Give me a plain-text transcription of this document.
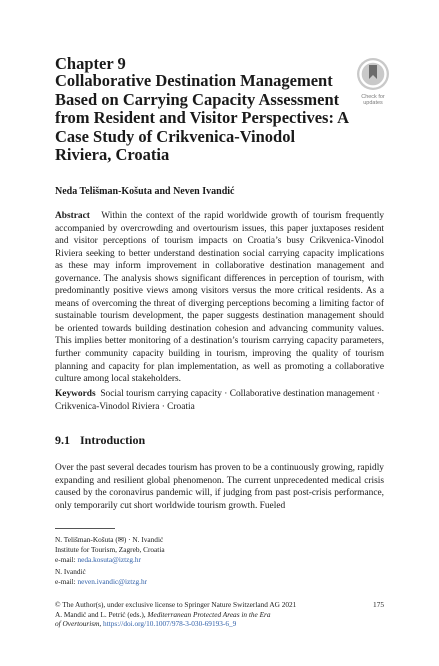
Chapter 9
Collaborative Destination Management Based on Carrying Capacity Assessment from Resident and Visitor Perspectives: A Case Study of Crikvenica-Vinodol Riviera, Croatia
Check for
updates
Neda Telišman-Košuta and Neven Ivandić
Abstract Within the context of the rapid worldwide growth of tourism frequently accompanied by overcrowding and overtourism issues, this paper juxtaposes resident and visitor perceptions of tourism impacts on Croatia’s busy Crikvenica-Vinodol Riviera seeking to better understand destination social carrying capacity implications as these may inform improvement in collaborative destination management and governance. The analysis shows significant differences in perception of tourism, with predominantly positive views among visitors versus the more critical residents. As a means of overcoming the threat of diverging perceptions becoming a limiting factor of sustainable tourism development, the paper suggests destination management should be oriented towards building destination cohesion and advancing community values. This implies better monitoring of a destination’s tourism carrying capacity parameters, further community capacity building in tourism, improving the quality of tourism planning and capacity for plan implementation, as well as promoting a collaborative culture among local stakeholders.
Keywords Social tourism carrying capacity · Collaborative destination management · Crikvenica-Vinodol Riviera · Croatia
9.1 Introduction
Over the past several decades tourism has proven to be a continuously growing, rapidly expanding and resilient global phenomenon. The current unprecedented medical crisis caused by the coronavirus pandemic will, if judging from past post-crisis performance, only temporarily cut short worldwide tourism growth. Fueled
N. Telišman-Košuta (✉) · N. Ivandić
Institute for Tourism, Zagreb, Croatia
e-mail: neda.kosuta@iztzg.hr
N. Ivandić
e-mail: neven.ivandic@iztzg.hr
© The Author(s), under exclusive license to Springer Nature Switzerland AG 2021
A. Mandić and L. Petrić (eds.), Mediterranean Protected Areas in the Era
of Overtourism, https://doi.org/10.1007/978-3-030-69193-6_9
175
